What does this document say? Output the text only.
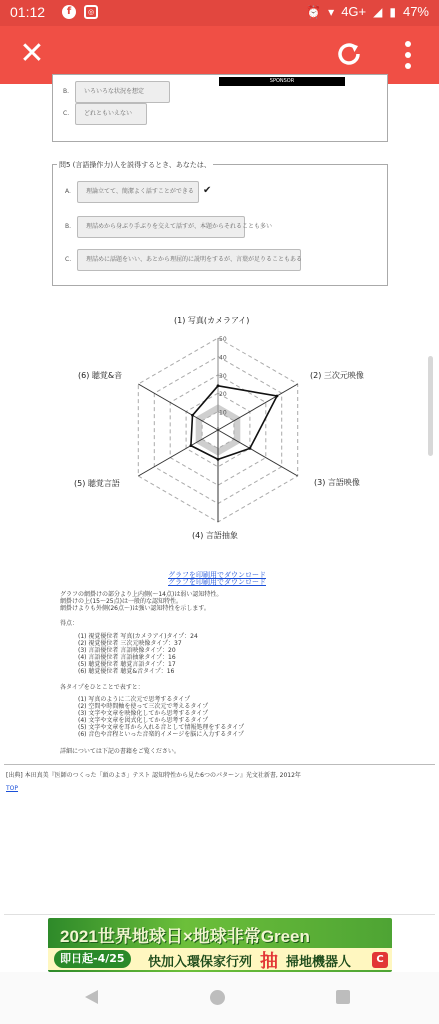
01:12	f	◎	⏰ ▾ 4G+ ◢ ▮ 47%
✕
SPONSOR
B.	いろいろな状況を想定
C.	どれともいえない
問5 (言語操作力)人を説得するとき、あなたは、
A.	理論立てて、簡潔よく話すことができる ✔
B.	理詰めから身ぶり手ぶりを交えて話すが、本題からそれることも多い
C.	理詰めに話題をいい、あとから理屈的に説明をするが、言葉が足りることもある
10
20
30
40
50
(1) 写真(カメラアイ)
(2) 三次元映像
(3) 言語映像
(4) 言語抽象
(5) 聴覚言語
(6) 聴覚&音
グラフを印刷用でダウンロード
グラフを印刷用でダウンロード
グラフの網掛けの部分より上内側(〜14点)は弱い認知特性。
網掛けの上(15〜25点)は一般的な認知特性。
網掛けよりも外側(26点〜)は強い認知特性を示します。
得点：
(1) 視覚優位者 写真(カメラアイ)タイプ：24
(2) 視覚優位者 三次元映像タイプ：37
(3) 言語優位者 言語映像タイプ：20
(4) 言語優位者 言語抽象タイプ：16
(5) 聴覚優位者 聴覚言語タイプ：17
(6) 聴覚優位者 聴覚&音タイプ：16
各タイプをひとことで表すと：
(1) 写真のように二次元で思考するタイプ
(2) 空間や時間軸を使って三次元で考えるタイプ
(3) 文字や文章を映像化してから思考するタイプ
(4) 文字や文章を図式化してから思考するタイプ
(5) 文字や文章を耳から入れる音として情報処理をするタイプ
(6) 音色や音程といった音楽的イメージを脳に入力するタイプ
詳細については下記の書籍をご覧ください。
[出典] 本田真美『医師のつくった「頭のよさ」テスト 認知特性から見た6つのパターン』光文社新書, 2012年
TOP
2021世界地球日×地球非常Green
即日起-4/25	快加入環保家行列 抽 掃地機器人	C
